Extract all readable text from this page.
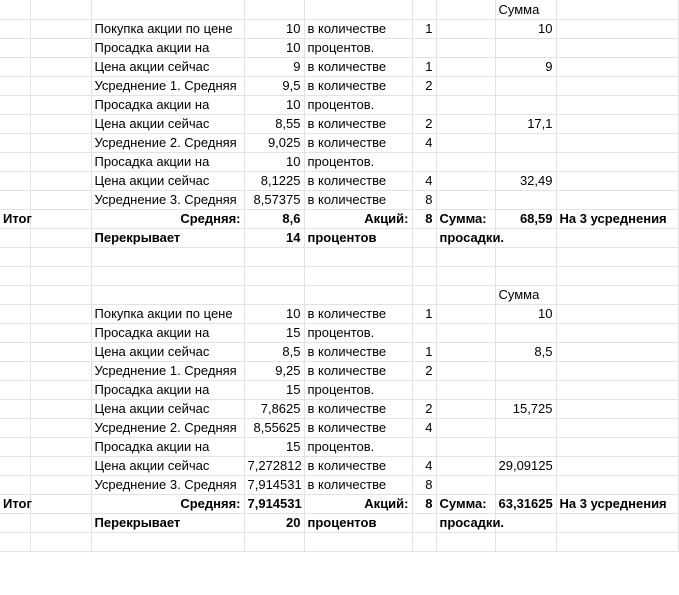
							Сумма	
		Покупка акции по цене	10	в количестве	1		10	
		Просадка акции на	10	процентов.				
		Цена акции сейчас	9	в количестве	1		9	
		Усреднение 1. Средняя	9,5	в количестве	2			
		Просадка акции на	10	процентов.				
		Цена акции сейчас	8,55	в количестве	2		17,1	
		Усреднение 2. Средняя	9,025	в количестве	4			
		Просадка акции на	10	процентов.				
		Цена акции сейчас	8,1225	в количестве	4		32,49	
		Усреднение 3. Средняя	8,57375	в количестве	8			
Итог		Средняя:	8,6	Акций:	8	Сумма:	68,59	На 3 усреднения
		Перекрывает	14	процентов		просадки.		

							Сумма	
		Покупка акции по цене	10	в количестве	1		10	
		Просадка акции на	15	процентов.				
		Цена акции сейчас	8,5	в количестве	1		8,5	
		Усреднение 1. Средняя	9,25	в количестве	2			
		Просадка акции на	15	процентов.				
		Цена акции сейчас	7,8625	в количестве	2		15,725	
		Усреднение 2. Средняя	8,55625	в количестве	4			
		Просадка акции на	15	процентов.				
		Цена акции сейчас	7,272812	в количестве	4		29,09125	
		Усреднение 3. Средняя	7,914531	в количестве	8			
Итог		Средняя:	7,914531	Акций:	8	Сумма:	63,31625	На 3 усреднения
		Перекрывает	20	процентов		просадки.		
